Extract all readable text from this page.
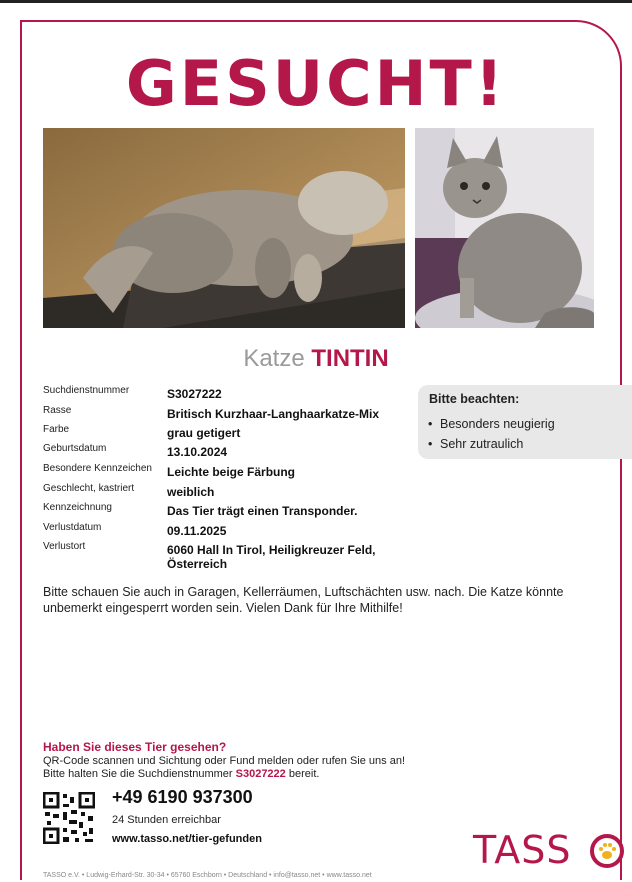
GESUCHT!
Katze TINTIN
Suchdienstnummer	S3027222
Rasse	Britisch Kurzhaar-Langhaarkatze-Mix
Farbe	grau getigert
Geburtsdatum	13.10.2024
Besondere Kennzeichen	Leichte beige Färbung
Geschlecht, kastriert	weiblich
Kennzeichnung	Das Tier trägt einen Transponder.
Verlustdatum	09.11.2025
Verlustort	6060 Hall In Tirol, Heiligkreuzer Feld, Österreich
Bitte beachten:
• Besonders neugierig
• Sehr zutraulich
Bitte schauen Sie auch in Garagen, Kellerräumen, Luftschächten usw. nach. Die Katze könnte unbemerkt eingesperrt worden sein. Vielen Dank für Ihre Mithilfe!
Haben Sie dieses Tier gesehen?
QR-Code scannen und Sichtung oder Fund melden oder rufen Sie uns an!
Bitte halten Sie die Suchdienstnummer S3027222 bereit.
+49 6190 937300
24 Stunden erreichbar
www.tasso.net/tier-gefunden	TASS
TASSO e.V. • Ludwig-Erhard-Str. 30-34 • 65760 Eschborn • Deutschland • info@tasso.net • www.tasso.net
